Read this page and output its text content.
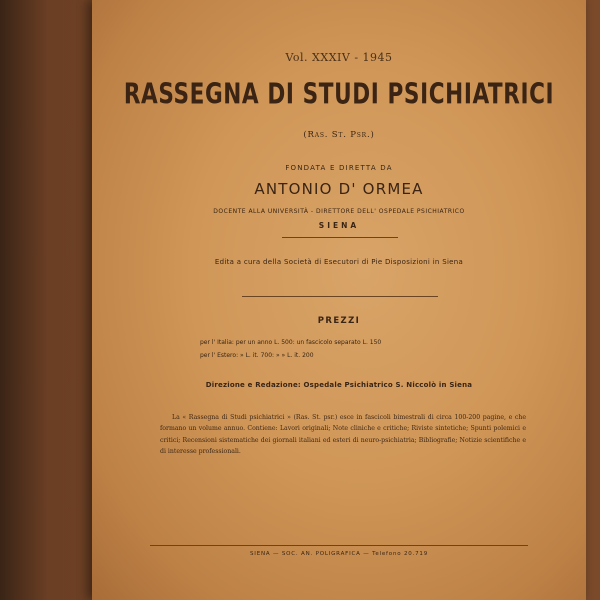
Vol. XXXIV - 1945
RASSEGNA DI STUDI PSICHIATRICI
(Ras. St. Psr.)
FONDATA E DIRETTA DA
ANTONIO D' ORMEA
DOCENTE ALLA UNIVERSITÀ - DIRETTORE DELL' OSPEDALE PSICHIATRICO
SIENA
Edita a cura della Società di Esecutori di Pie Disposizioni in Siena
PREZZI
per l' Italia: per un anno L. 500: un fascicolo separato L. 150
per l' Estero: » L. it. 700: » » L. it. 200
Direzione e Redazione: Ospedale Psichiatrico S. Niccolò in Siena
La « Rassegna di Studi psichiatrici » (Ras. St. psr.) esce in fascicoli bimestrali di circa 100-200 pagine, e che formano un volume annuo. Contiene: Lavori originali; Note cliniche e critiche; Riviste sintetiche; Spunti polemici e critici; Recensioni sistematiche dei giornali italiani ed esteri di neuro-psichiatria; Bibliografie; Notizie scientifiche e di interesse professionali.
SIENA — SOC. AN. POLIGRAFICA — Telefono 20.719
